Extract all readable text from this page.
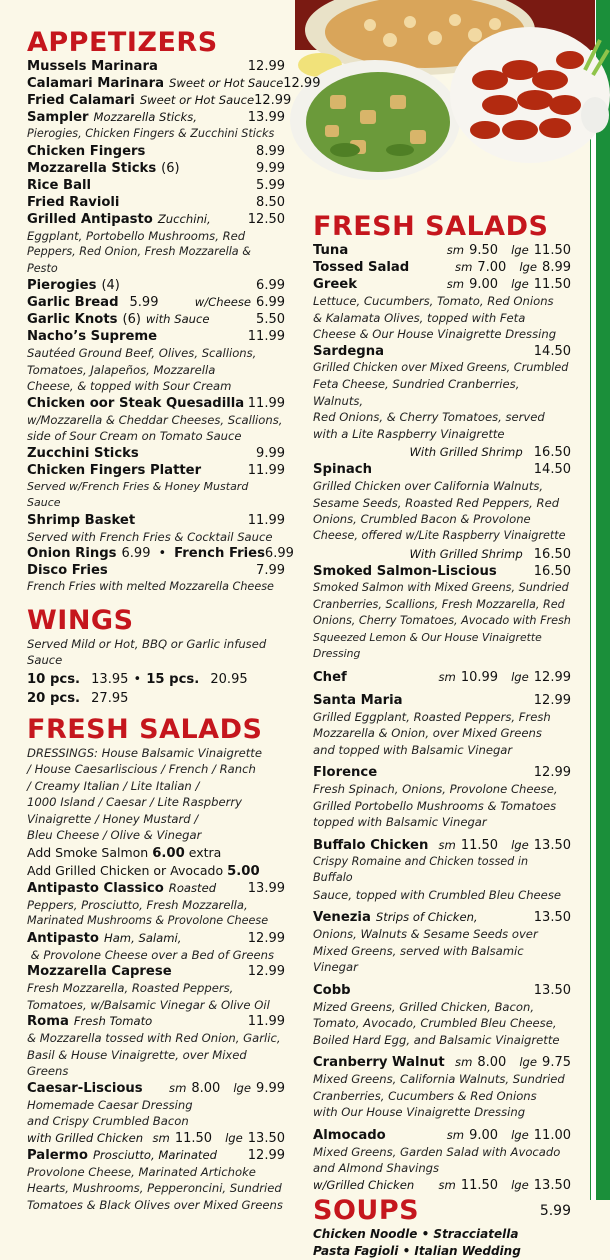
APPETIZERS
Mussels Marinara	12.99
Calamari Marinara Sweet or Hot Sauce 12.99
Fried Calamari Sweet or Hot Sauce 12.99
Sampler Mozzarella Sticks,	13.99
Pierogies, Chicken Fingers & Zucchini Sticks
Chicken Fingers	8.99
Mozzarella Sticks (6)	9.99
Rice Ball	5.99
Fried Ravioli	8.50
Grilled Antipasto Zucchini,	12.50
Eggplant, Portobello Mushrooms, Red
Peppers, Red Onion, Fresh Mozzarella & Pesto
Pierogies (4)	6.99
Garlic Bread 5.99	w/Cheese 6.99
Garlic Knots (6) with Sauce	5.50
Nacho’s Supreme	11.99
Sautéed Ground Beef, Olives, Scallions,
Tomatoes, Jalapeños, Mozzarella
Cheese, & topped with Sour Cream
Chicken oor Steak Quesadilla 11.99
w/Mozzarella & Cheddar Cheeses, Scallions,
side of Sour Cream on Tomato Sauce
Zucchini Sticks	9.99
Chicken Fingers Platter	11.99
Served w/French Fries & Honey Mustard Sauce
Shrimp Basket	11.99
Served with French Fries & Cocktail Sauce
Onion Rings 6.99 • French Fries 6.99
Disco Fries	7.99
French Fries with melted Mozzarella Cheese
WINGS
Served Mild or Hot, BBQ or Garlic infused Sauce
10 pcs. 13.95 • 15 pcs. 20.95
20 pcs. 27.95
FRESH SALADS
DRESSINGS: House Balsamic Vinaigrette
/ House Caesarliscious / French / Ranch
/ Creamy Italian / Lite Italian /
1000 Island / Caesar / Lite Raspberry
Vinaigrette / Honey Mustard /
Bleu Cheese / Olive & Vinegar
Add Smoke Salmon 6.00 extra
Add Grilled Chicken or Avocado 5.00
Antipasto Classico Roasted 13.99
Peppers, Prosciutto, Fresh Mozzarella,
Marinated Mushrooms & Provolone Cheese
Antipasto Ham, Salami,	12.99
& Provolone Cheese over a Bed of Greens
Mozzarella Caprese	12.99
Fresh Mozzarella, Roasted Peppers,
Tomatoes, w/Balsamic Vinegar & Olive Oil
Roma Fresh Tomato	11.99
& Mozzarella tossed with Red Onion, Garlic,
Basil & House Vinaigrette, over Mixed Greens
Caesar-Liscious sm 8.00 lge 9.99
Homemade Caesar Dressing
and Crispy Crumbled Bacon
with Grilled Chicken sm 11.50 lge 13.50
Palermo Prosciutto, Marinated 12.99
Provolone Cheese, Marinated Artichoke
Hearts, Mushrooms, Pepperoncini, Sundried
Tomatoes & Black Olives over Mixed Greens
FRESH SALADS
Tuna	sm 9.50 lge 11.50
Tossed Salad	sm 7.00 lge 8.99
Greek	sm 9.00 lge 11.50
Lettuce, Cucumbers, Tomato, Red Onions
& Kalamata Olives, topped with Feta
Cheese & Our House Vinaigrette Dressing
Sardegna	14.50
Grilled Chicken over Mixed Greens, Crumbled
Feta Cheese, Sundried Cranberries, Walnuts,
Red Onions, & Cherry Tomatoes, served
with a Lite Raspberry Vinaigrette
With Grilled Shrimp 16.50
Spinach	14.50
Grilled Chicken over California Walnuts,
Sesame Seeds, Roasted Red Peppers, Red
Onions, Crumbled Bacon & Provolone
Cheese, offered w/Lite Raspberry Vinaigrette
With Grilled Shrimp 16.50
Smoked Salmon-Liscious	16.50
Smoked Salmon with Mixed Greens, Sundried
Cranberries, Scallions, Fresh Mozzarella, Red
Onions, Cherry Tomatoes, Avocado with Fresh
Squeezed Lemon & Our House Vinaigrette Dressing
Chef	sm 10.99 lge 12.99
Santa Maria	12.99
Grilled Eggplant, Roasted Peppers, Fresh
Mozzarella & Onion, over Mixed Greens
and topped with Balsamic Vinegar
Florence	12.99
Fresh Spinach, Onions, Provolone Cheese,
Grilled Portobello Mushrooms & Tomatoes
topped with Balsamic Vinegar
Buffalo Chicken sm 11.50 lge 13.50
Crispy Romaine and Chicken tossed in Buffalo
Sauce, topped with Crumbled Bleu Cheese
Venezia Strips of Chicken,	13.50
Onions, Walnuts & Sesame Seeds over
Mixed Greens, served with Balsamic Vinegar
Cobb	13.50
Mized Greens, Grilled Chicken, Bacon,
Tomato, Avocado, Crumbled Bleu Cheese,
Boiled Hard Egg, and Balsamic Vinaigrette
Cranberry Walnut sm 8.00 lge 9.75
Mixed Greens, California Walnuts, Sundried
Cranberries, Cucumbers & Red Onions
with Our House Vinaigrette Dressing
Almocado	sm 9.00 lge 11.00
Mixed Greens, Garden Salad with Avocado
and Almond Shavings
w/Grilled Chicken sm 11.50 lge 13.50
SOUPS	5.99
Chicken Noodle • Stracciatella
Pasta Fagioli • Italian Wedding
